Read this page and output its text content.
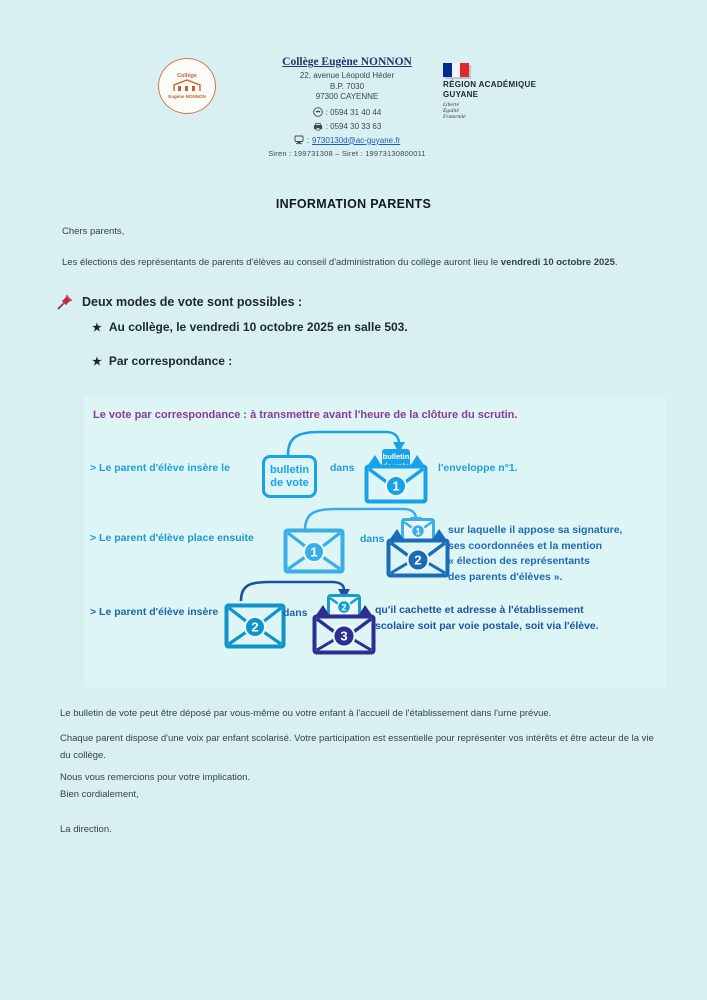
Collège
Eugène NONNON
Collège Eugène NONNON
22, avenue Léopold Héder
B.P. 7030
97300 CAYENNE
: 0594 31 40 44
: 0594 30 33 63
: 9730130d@ac-guyane.fr
Siren : 199731308 – Siret : 19973130800011
RÉGION ACADÉMIQUE
GUYANE
Liberté
Égalité
Fraternité
INFORMATION PARENTS
Chers parents,
Les élections des représentants de parents d'élèves au conseil d'administration du collège auront lieu le vendredi 10 octobre 2025.
Deux modes de vote sont possibles :
★ Au collège, le vendredi 10 octobre 2025 en salle 503.
★ Par correspondance :
Le vote par correspondance : à transmettre avant l'heure de la clôture du scrutin.
> Le parent d'élève insère le	bulletin
de vote
dans
bulletin
1
l'enveloppe n°1.
> Le parent d'élève place ensuite
1
dans
1
2
sur laquelle il appose sa signature,
ses coordonnées et la mention
« élection des représentants
des parents d'élèves ».
> Le parent d'élève insère
2
dans	2
3
qu'il cachette et adresse à l'établissement
scolaire soit par voie postale, soit via l'élève.
Le bulletin de vote peut être déposé par vous-même ou votre enfant à l'accueil de l'établissement dans l'urne prévue.
Chaque parent dispose d'une voix par enfant scolarisé. Votre participation est essentielle pour représenter vos intérêts et être acteur de la vie du collège.
Nous vous remercions pour votre implication.
Bien cordialement,
La direction.
